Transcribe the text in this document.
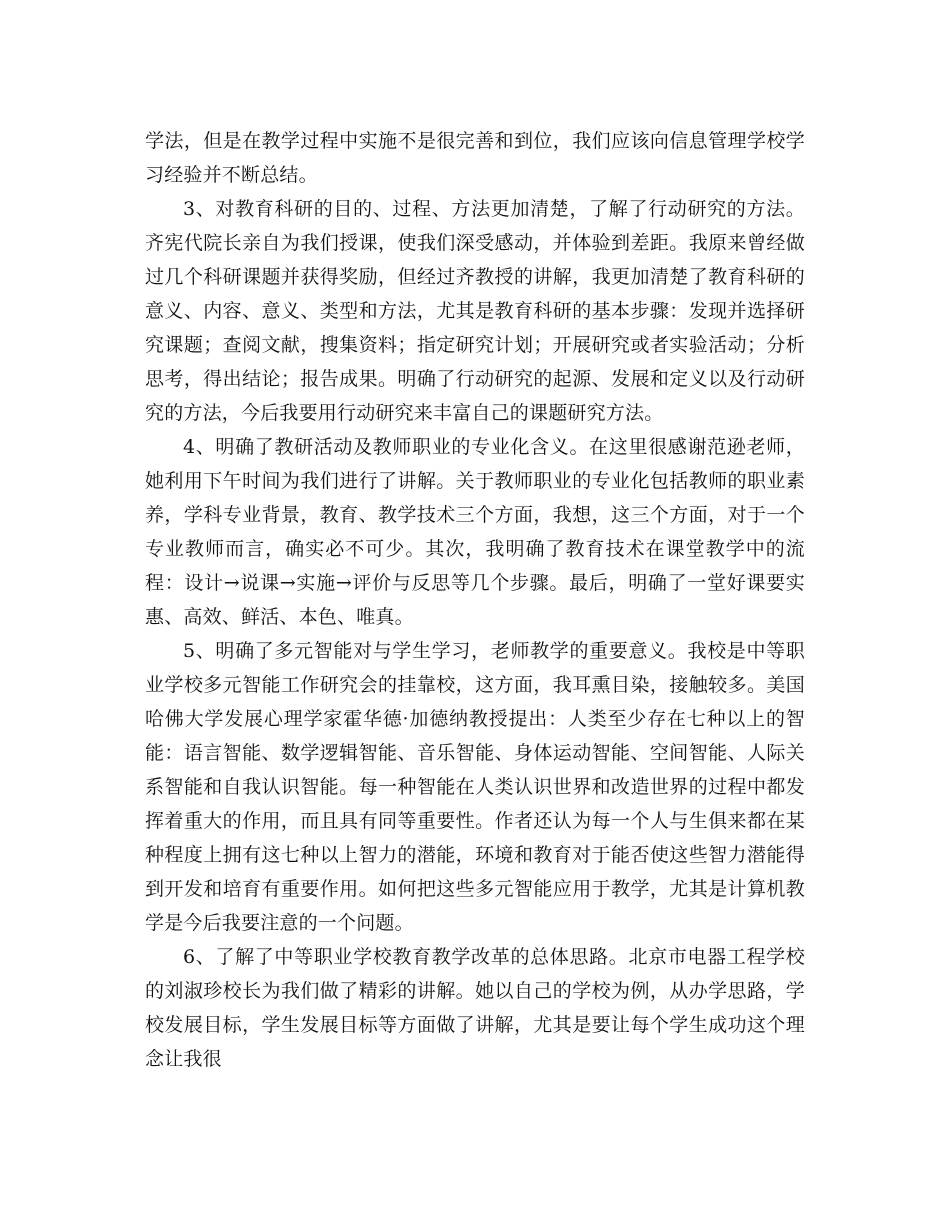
学法，但是在教学过程中实施不是很完善和到位，我们应该向信息管理学校学习经验并不断总结。

3、对教育科研的目的、过程、方法更加清楚，了解了行动研究的方法。齐宪代院长亲自为我们授课，使我们深受感动，并体验到差距。我原来曾经做过几个科研课题并获得奖励，但经过齐教授的讲解，我更加清楚了教育科研的意义、内容、意义、类型和方法，尤其是教育科研的基本步骤：发现并选择研究课题；查阅文献，搜集资料；指定研究计划；开展研究或者实验活动；分析思考，得出结论；报告成果。明确了行动研究的起源、发展和定义以及行动研究的方法，今后我要用行动研究来丰富自己的课题研究方法。

4、明确了教研活动及教师职业的专业化含义。在这里很感谢范逊老师，她利用下午时间为我们进行了讲解。关于教师职业的专业化包括教师的职业素养，学科专业背景，教育、教学技术三个方面，我想，这三个方面，对于一个专业教师而言，确实必不可少。其次，我明确了教育技术在课堂教学中的流程：设计→说课→实施→评价与反思等几个步骤。最后，明确了一堂好课要实惠、高效、鲜活、本色、唯真。

5、明确了多元智能对与学生学习，老师教学的重要意义。我校是中等职业学校多元智能工作研究会的挂靠校，这方面，我耳熏目染，接触较多。美国哈佛大学发展心理学家霍华德·加德纳教授提出：人类至少存在七种以上的智能：语言智能、数学逻辑智能、音乐智能、身体运动智能、空间智能、人际关系智能和自我认识智能。每一种智能在人类认识世界和改造世界的过程中都发挥着重大的作用，而且具有同等重要性。作者还认为每一个人与生俱来都在某种程度上拥有这七种以上智力的潜能，环境和教育对于能否使这些智力潜能得到开发和培育有重要作用。如何把这些多元智能应用于教学，尤其是计算机教学是今后我要注意的一个问题。

6、了解了中等职业学校教育教学改革的总体思路。北京市电器工程学校的刘淑珍校长为我们做了精彩的讲解。她以自己的学校为例，从办学思路，学校发展目标，学生发展目标等方面做了讲解，尤其是要让每个学生成功这个理念让我很
